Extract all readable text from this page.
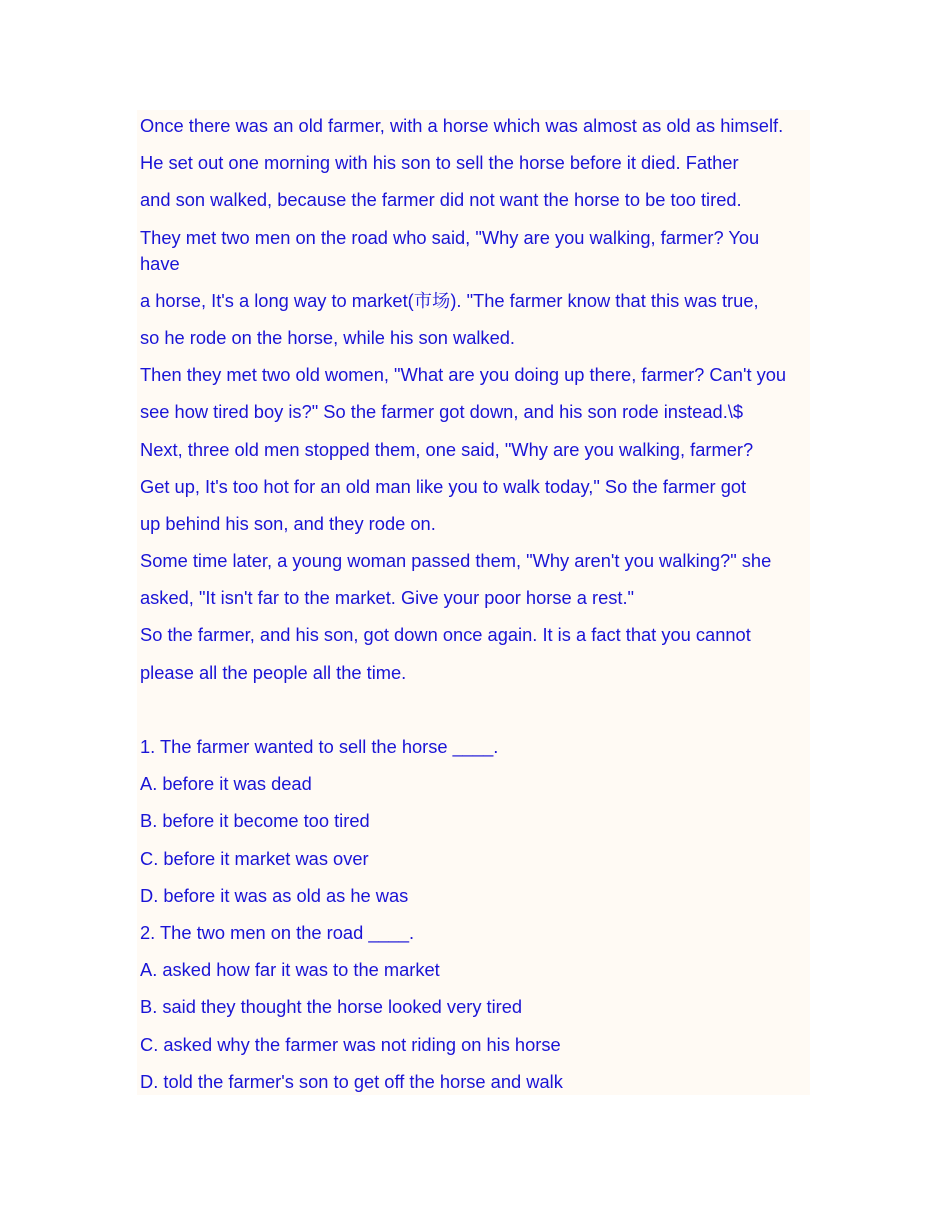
Once there was an old farmer, with a horse which was almost as old as himself.
He set out one morning with his son to sell the horse before it died. Father
and son walked, because the farmer did not want the horse to be too tired.
They met two men on the road who said, "Why are you walking, farmer? You
have
a horse, It's a long way to market(市场). "The farmer know that this was true,
so he rode on the horse, while his son walked.
Then they met two old women, "What are you doing up there, farmer? Can't you
see how tired boy is?" So the farmer got down, and his son rode instead.\$
Next, three old men stopped them, one said, "Why are you walking, farmer?
Get up, It's too hot for an old man like you to walk today," So the farmer got
up behind his son, and they rode on.
Some time later, a young woman passed them, "Why aren't you walking?" she
asked, "It isn't far to the market. Give your poor horse a rest."
So the farmer, and his son, got down once again. It is a fact that you cannot
please all the people all the time.
1. The farmer wanted to sell the horse ____.
A. before it was dead
B. before it become too tired
C. before it market was over
D. before it was as old as he was
2. The two men on the road ____.
A. asked how far it was to the market
B. said they thought the horse looked very tired
C. asked why the farmer was not riding on his horse
D. told the farmer's son to get off the horse and walk
